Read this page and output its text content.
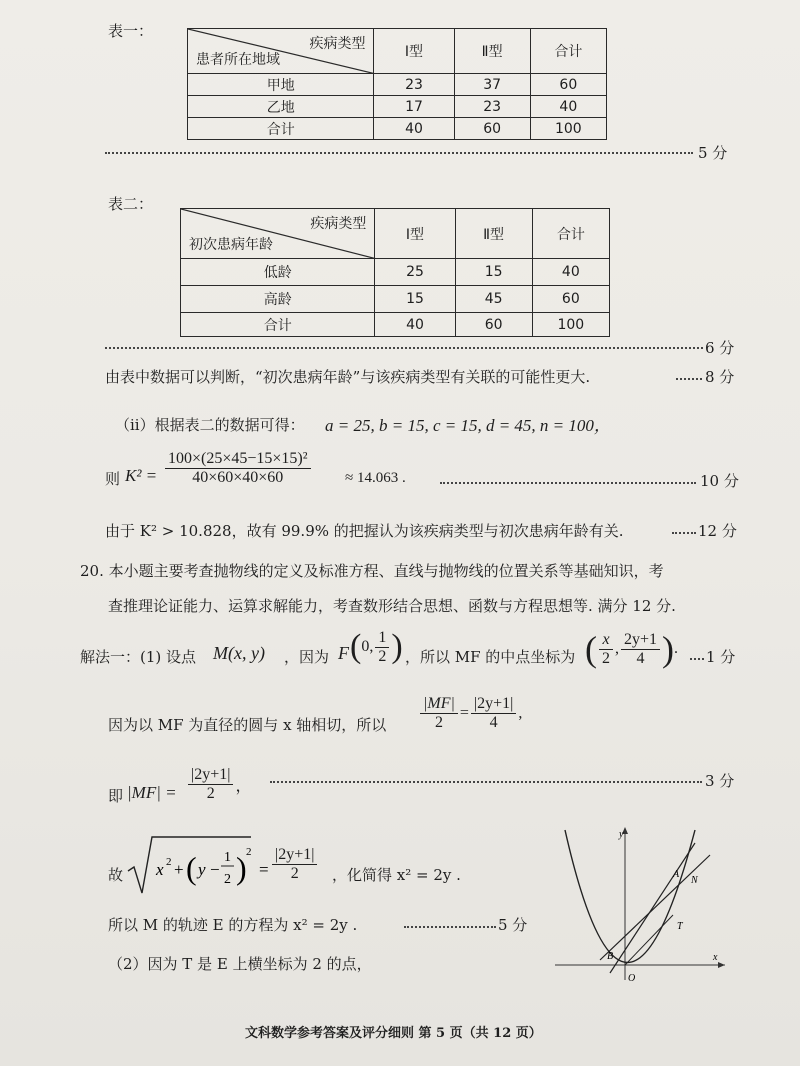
表一：
疾病类型
患者所在地域	Ⅰ型	Ⅱ型	合计
甲地	23	37	60
乙地	17	23	40
合计	40	60	100
5 分
表二：
疾病类型
初次患病年龄	Ⅰ型	Ⅱ型	合计
低龄	25	15	40
高龄	15	45	60
合计	40	60	100
6 分
由表中数据可以判断，“初次患病年龄”与该疾病类型有关联的可能性更大.	8 分
（ii）根据表二的数据可得： a = 25, b = 15, c = 15, d = 45, n = 100，
则 $K^2 = \frac{\text{100×(25×45−15×15)²}}{40\times 60\times 40\times 60} \approx 14.063$ .	10 分
由于 K² > 10.828，故有 99.9% 的把握认为该疾病类型与初次患病年龄有关.	12 分
20. 本小题主要考查抛物线的定义及标准方程、直线与抛物线的位置关系等基础知识，考
查推理论证能力、运算求解能力，考查数形结合思想、函数与方程思想等. 满分 12 分.
解法一：(1) 设点 M(x, y) ，因为 F (0, $\frac{1}{2}$ ) ，所以 MF 的中点坐标为 ( $\frac{x}{2}$ , $\frac{2y+1}{4}$ ). 1 分
因为以 MF 为直径的圆与 x 轴相切，所以 $\frac{|MF|}{2} = \frac{|2y+1|}{4}$ ,
即 $|MF| = \frac{|2y+1|}{2}$ ，	3 分
故 x 2 + ( y −
1
2 ) 2
= $\frac{|2y+1|}{2}$ ，化简得 x² = 2y .
所以 M 的轨迹 E 的方程为 x² = 2y .	5 分
（2）因为 T 是 E 上横坐标为 2 的点，
y
x
O
A
N
T
B
文科数学参考答案及评分细则 第 5 页（共 12 页）
